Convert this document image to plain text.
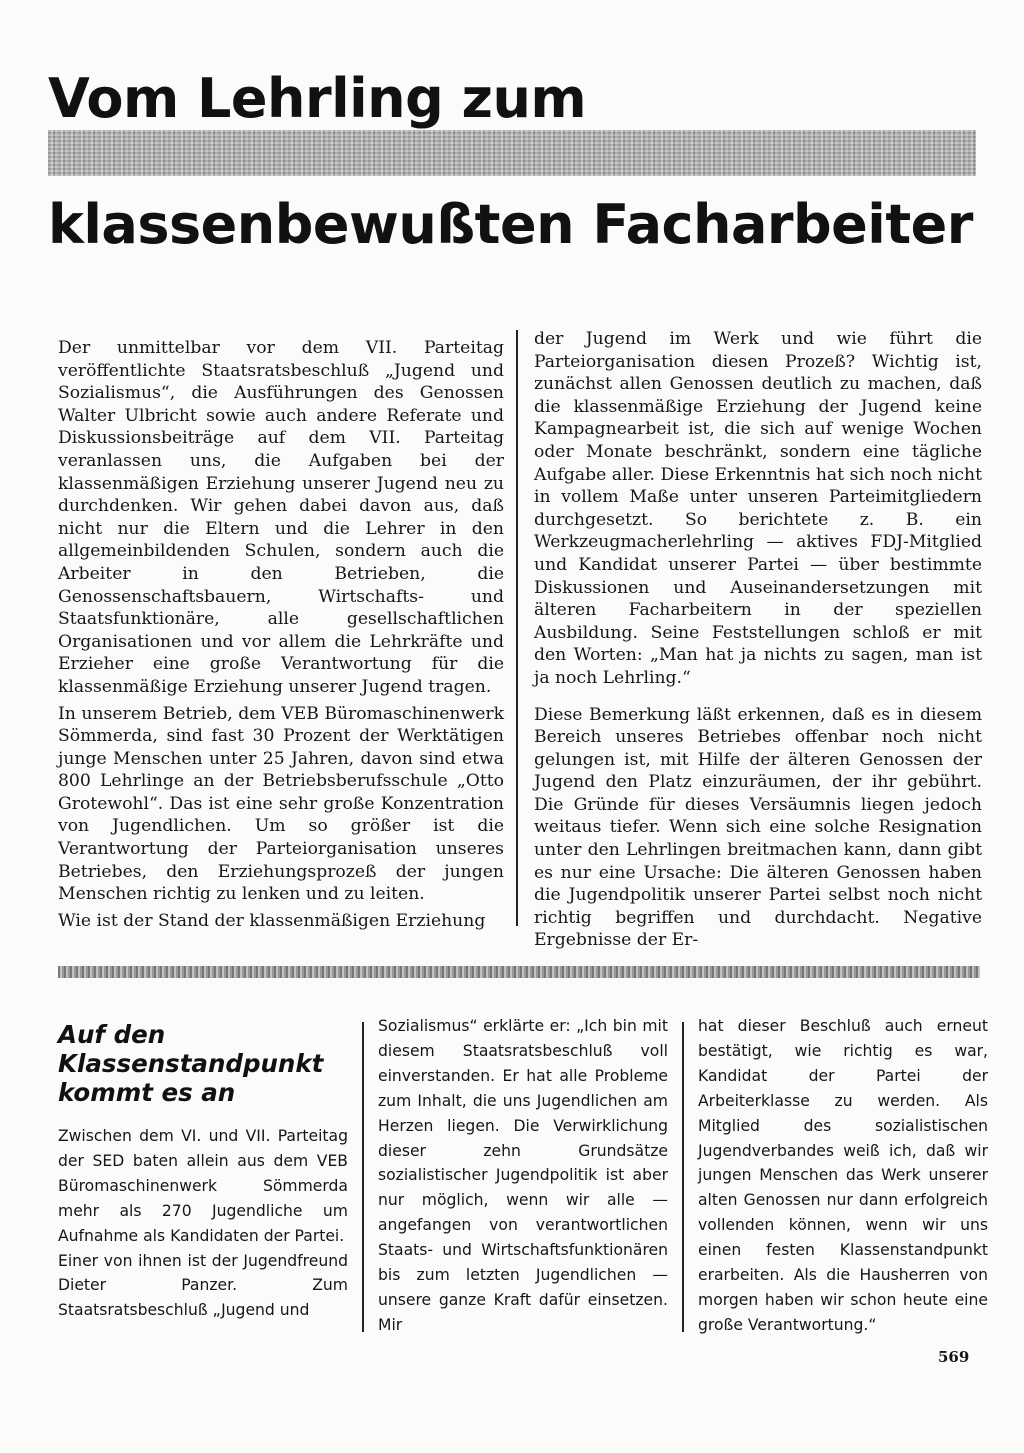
Vom Lehrling zum
klassenbewußten Facharbeiter

Der unmittelbar vor dem VII. Parteitag veröffentlichte Staatsratsbeschluß „Jugend und Sozialismus“, die Ausführungen des Genossen Walter Ulbricht sowie auch andere Referate und Diskussionsbeiträge auf dem VII. Parteitag veranlassen uns, die Aufgaben bei der klassenmäßigen Erziehung unserer Jugend neu zu durchdenken. Wir gehen dabei davon aus, daß nicht nur die Eltern und die Lehrer in den allgemeinbildenden Schulen, sondern auch die Arbeiter in den Betrieben, die Genossenschaftsbauern, Wirtschafts- und Staatsfunktionäre, alle gesellschaftlichen Organisationen und vor allem die Lehrkräfte und Erzieher eine große Verantwortung für die klassenmäßige Erziehung unserer Jugend tragen.

In unserem Betrieb, dem VEB Büromaschinenwerk Sömmerda, sind fast 30 Prozent der Werktätigen junge Menschen unter 25 Jahren, davon sind etwa 800 Lehrlinge an der Betriebsberufsschule „Otto Grotewohl“. Das ist eine sehr große Konzentration von Jugendlichen. Um so größer ist die Verantwortung der Parteiorganisation unseres Betriebes, den Erziehungsprozeß der jungen Menschen richtig zu lenken und zu leiten.

Wie ist der Stand der klassenmäßigen Erziehung

der Jugend im Werk und wie führt die Parteiorganisation diesen Prozeß? Wichtig ist, zunächst allen Genossen deutlich zu machen, daß die klassenmäßige Erziehung der Jugend keine Kampagnearbeit ist, die sich auf wenige Wochen oder Monate beschränkt, sondern eine tägliche Aufgabe aller. Diese Erkenntnis hat sich noch nicht in vollem Maße unter unseren Parteimitgliedern durchgesetzt. So berichtete z. B. ein Werkzeugmacherlehrling — aktives FDJ-Mitglied und Kandidat unserer Partei — über bestimmte Diskussionen und Auseinandersetzungen mit älteren Facharbeitern in der speziellen Ausbildung. Seine Feststellungen schloß er mit den Worten: „Man hat ja nichts zu sagen, man ist ja noch Lehrling.“

Diese Bemerkung läßt erkennen, daß es in diesem Bereich unseres Betriebes offenbar noch nicht gelungen ist, mit Hilfe der älteren Genossen der Jugend den Platz einzuräumen, der ihr gebührt. Die Gründe für dieses Versäumnis liegen jedoch weitaus tiefer. Wenn sich eine solche Resignation unter den Lehrlingen breitmachen kann, dann gibt es nur eine Ursache: Die älteren Genossen haben die Jugendpolitik unserer Partei selbst noch nicht richtig begriffen und durchdacht. Negative Ergebnisse der Er-

Auf den Klassenstandpunkt kommt es an

Zwischen dem VI. und VII. Parteitag der SED baten allein aus dem VEB Büromaschinenwerk Sömmerda mehr als 270 Jugendliche um Aufnahme als Kandidaten der Partei.

Einer von ihnen ist der Jugendfreund Dieter Panzer. Zum Staatsratsbeschluß „Jugend und

Sozialismus“ erklärte er: „Ich bin mit diesem Staatsratsbeschluß voll einverstanden. Er hat alle Probleme zum Inhalt, die uns Jugendlichen am Herzen liegen. Die Verwirklichung dieser zehn Grundsätze sozialistischer Jugendpolitik ist aber nur möglich, wenn wir alle — angefangen von verantwortlichen Staats- und Wirtschaftsfunktionären bis zum letzten Jugendlichen — unsere ganze Kraft dafür einsetzen. Mir

hat dieser Beschluß auch erneut bestätigt, wie richtig es war, Kandidat der Partei der Arbeiterklasse zu werden. Als Mitglied des sozialistischen Jugendverbandes weiß ich, daß wir jungen Menschen das Werk unserer alten Genossen nur dann erfolgreich vollenden können, wenn wir uns einen festen Klassenstandpunkt erarbeiten. Als die Hausherren von morgen haben wir schon heute eine große Verantwortung.“

569
